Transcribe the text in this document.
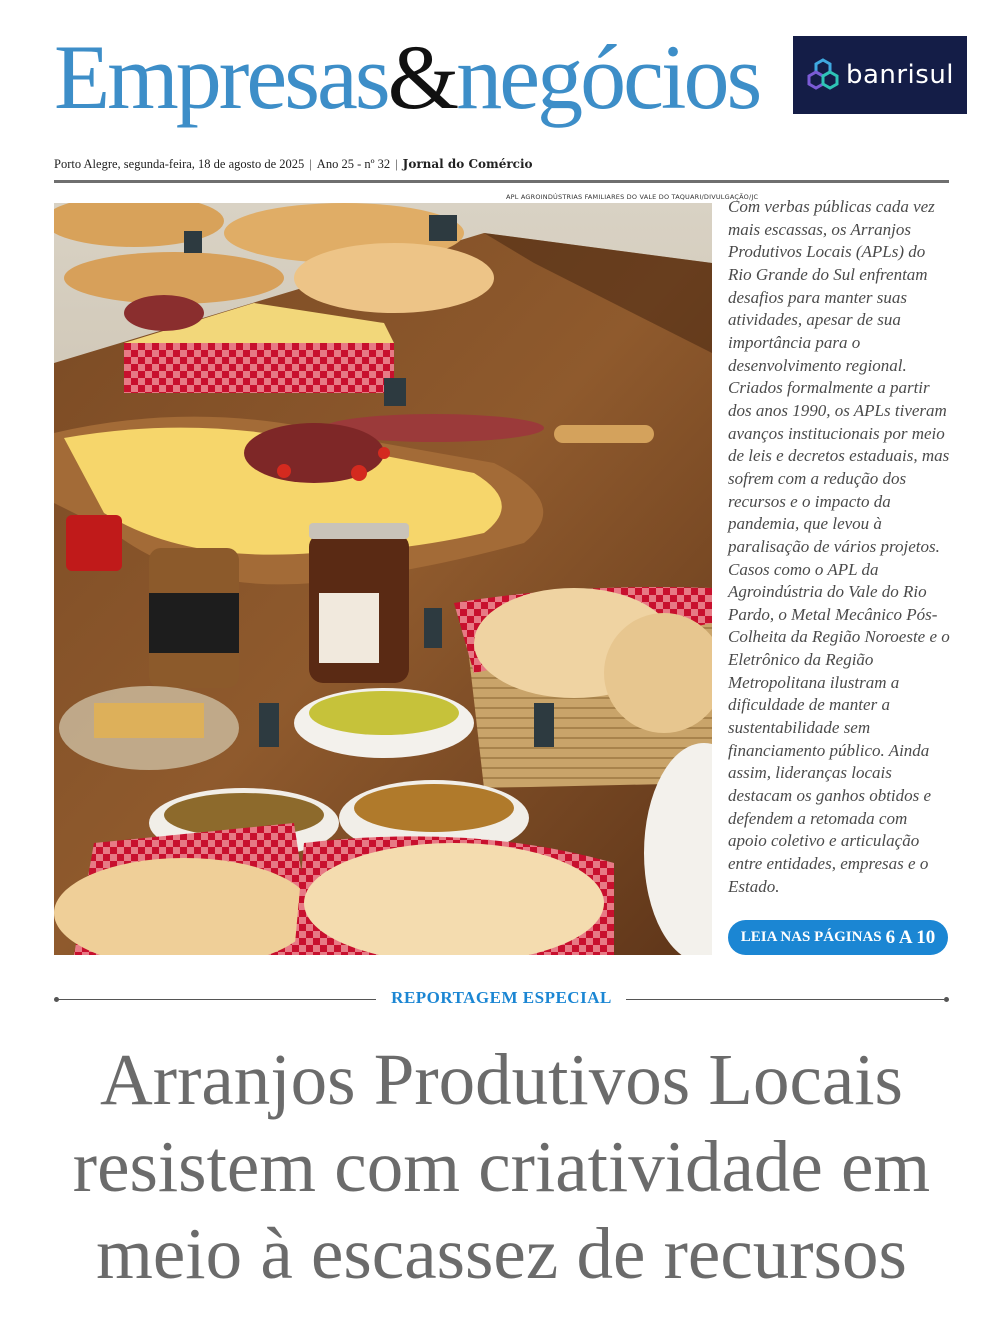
Empresas&negócios	banrisul
Porto Alegre, segunda-feira, 18 de agosto de 2025 | Ano 25 - nº 32 | Jornal do Comércio
APL AGROINDÚSTRIAS FAMILIARES DO VALE DO TAQUARI/DIVULGAÇÃO/JC
Com verbas públicas cada vez mais escassas, os Arranjos Produtivos Locais (APLs) do Rio Grande do Sul enfrentam desafios para manter suas atividades, apesar de sua importância para o desenvolvimento regional. Criados formalmente a partir dos anos 1990, os APLs tiveram avanços institucionais por meio de leis e decretos estaduais, mas sofrem com a redução dos recursos e o impacto da pandemia, que levou à paralisação de vários projetos. Casos como o APL da Agroindústria do Vale do Rio Pardo, o Metal Mecânico Pós-Colheita da Região Noroeste e o Eletrônico da Região Metropolitana ilustram a dificuldade de manter a sustentabilidade sem financiamento público. Ainda assim, lideranças locais destacam os ganhos obtidos e defendem a retomada com apoio coletivo e articulação entre entidades, empresas e o Estado.
LEIA NAS PÁGINAS 6 A 10
REPORTAGEM ESPECIAL
Arranjos Produtivos Locais resistem com criatividade em meio à escassez de recursos
